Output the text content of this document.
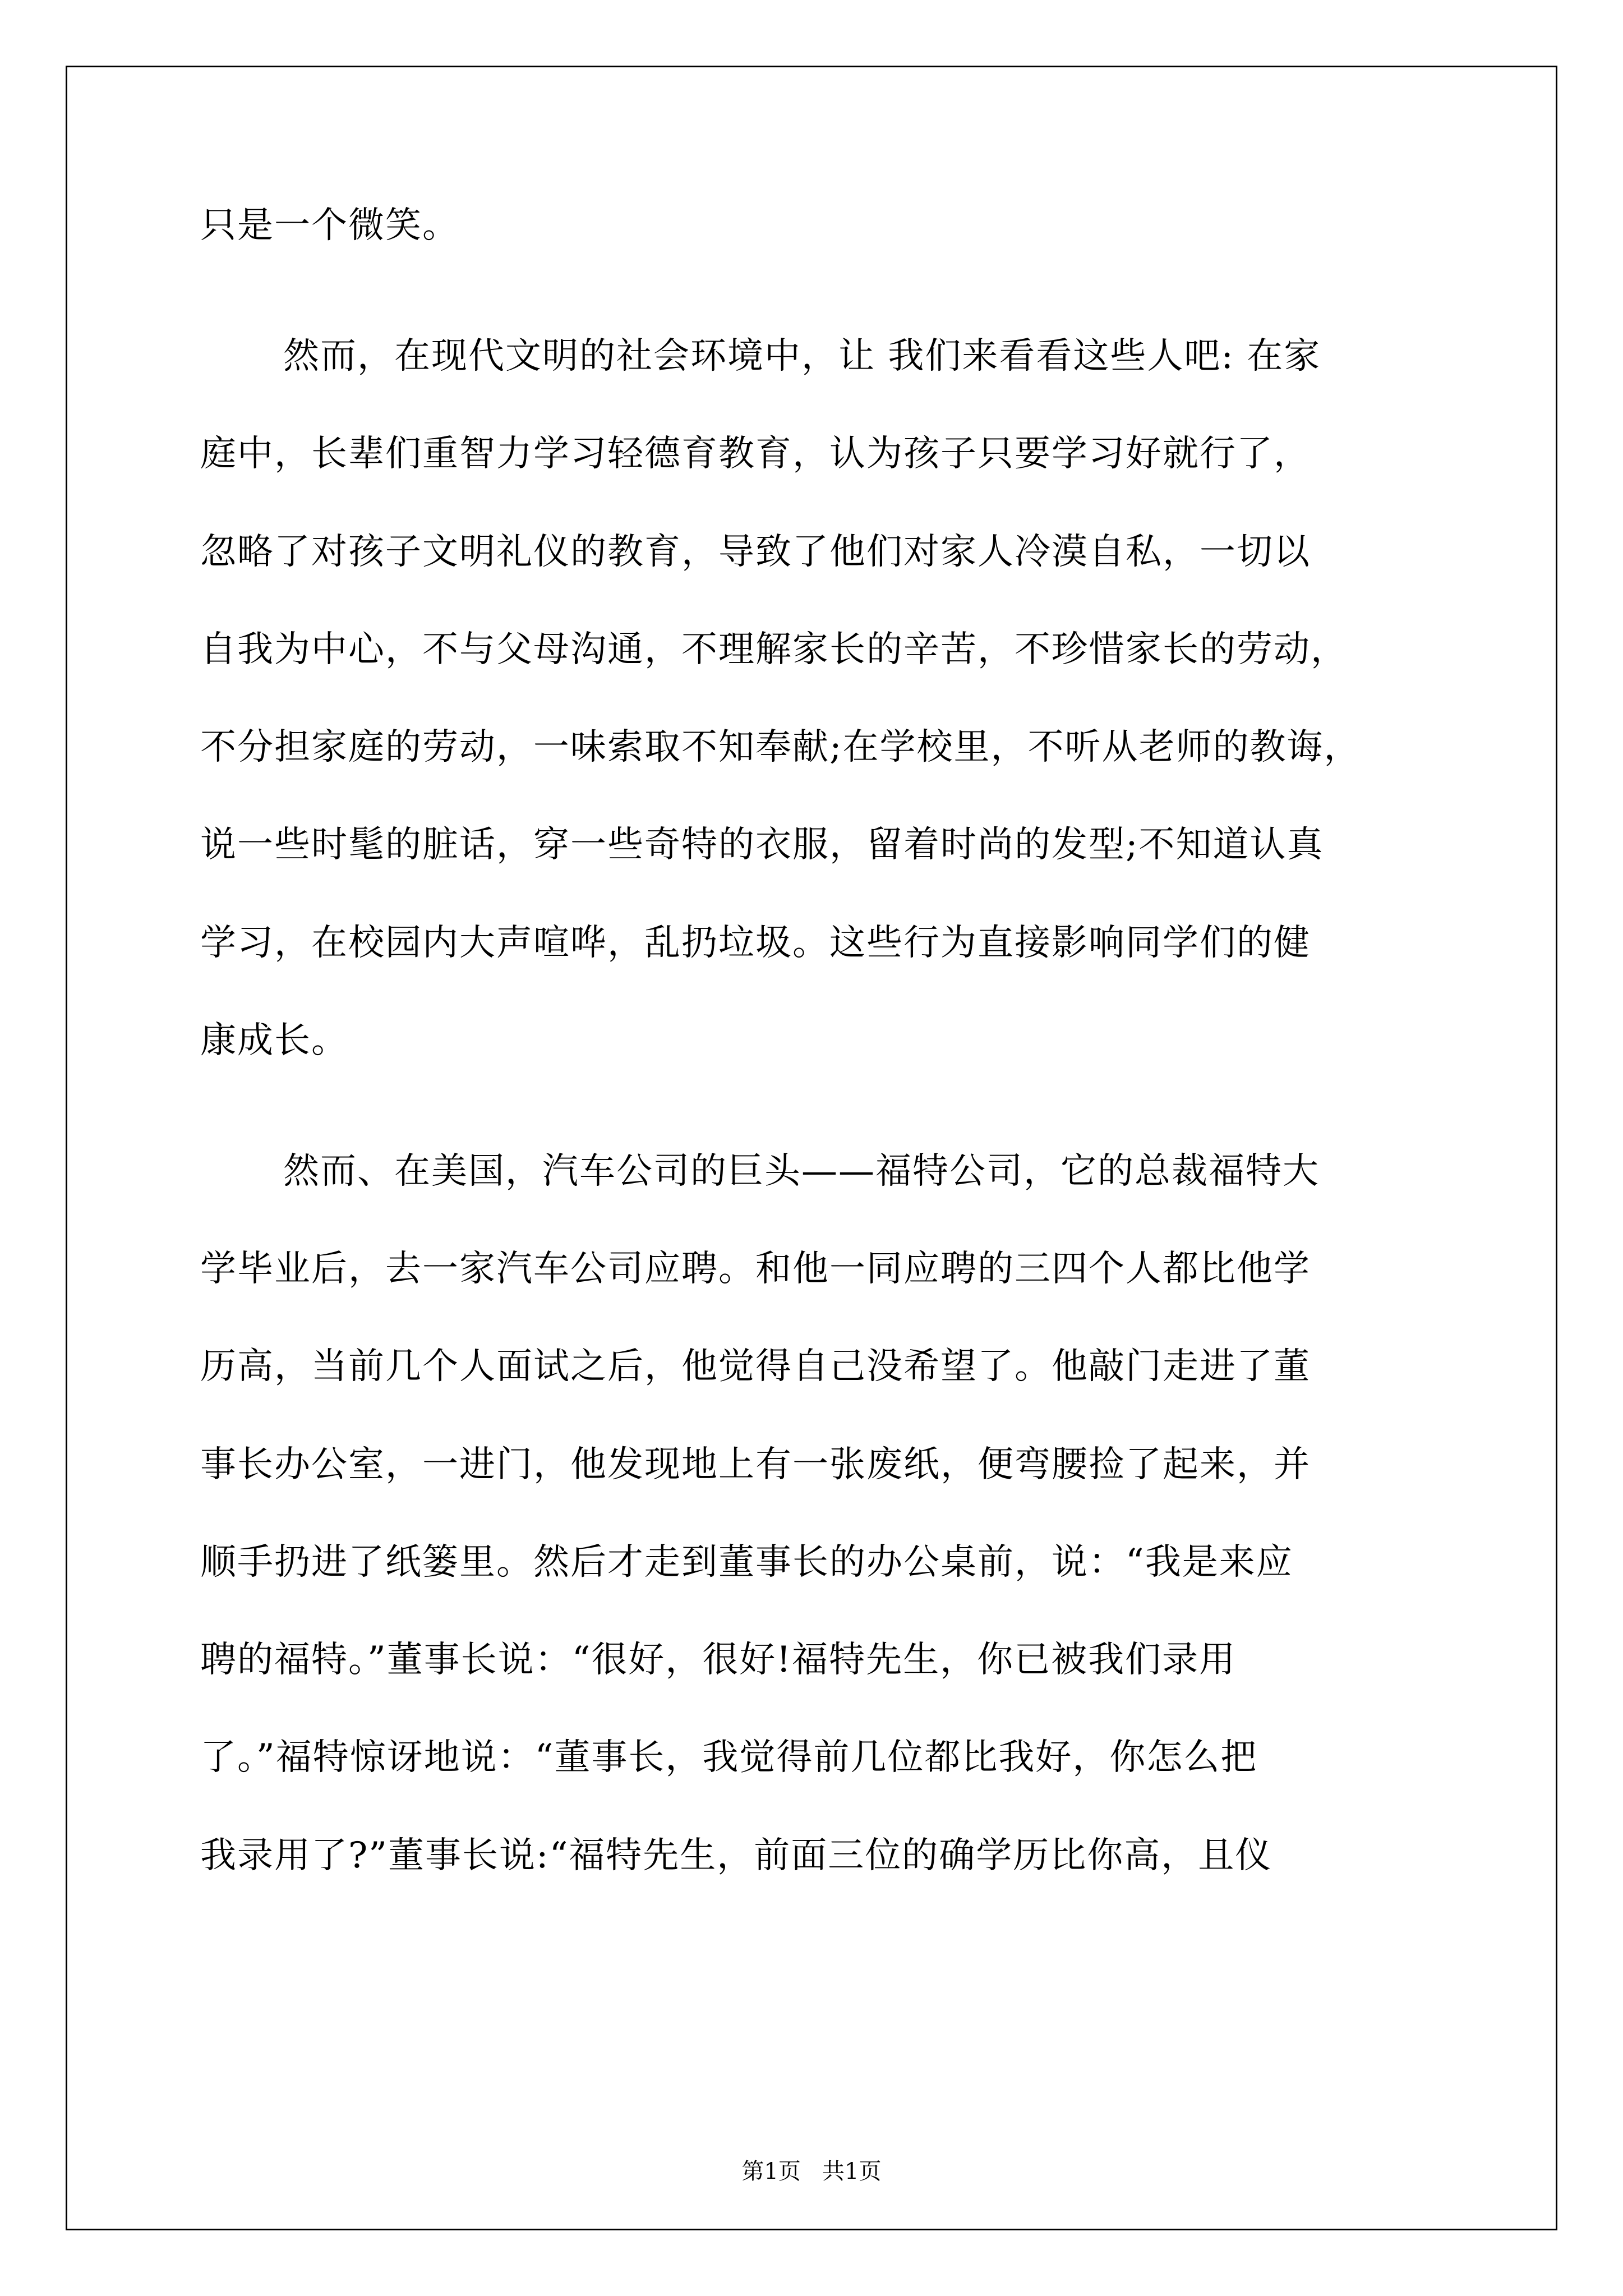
只是一个微笑。
然而，在现代文明的社会环境中，让 我们来看看这些人吧: 在家
庭中，长辈们重智力学习轻德育教育，认为孩子只要学习好就行了，
忽略了对孩子文明礼仪的教育，导致了他们对家人冷漠自私，一切以
自我为中心，不与父母沟通，不理解家长的辛苦，不珍惜家长的劳动，
不分担家庭的劳动，一味索取不知奉献;在学校里，不听从老师的教诲，
说一些时髦的脏话，穿一些奇特的衣服，留着时尚的发型;不知道认真
学习，在校园内大声喧哗，乱扔垃圾。这些行为直接影响同学们的健
康成长。
然而、在美国，汽车公司的巨头——福特公司，它的总裁福特大
学毕业后，去一家汽车公司应聘。和他一同应聘的三四个人都比他学
历高，当前几个人面试之后，他觉得自己没希望了。他敲门走进了董
事长办公室，一进门，他发现地上有一张废纸，便弯腰捡了起来，并
顺手扔进了纸篓里。然后才走到董事长的办公桌前，说：“我是来应
聘的福特。”董事长说：“很好，很好!福特先生，你已被我们录用
了。”福特惊讶地说：“董事长，我觉得前几位都比我好，你怎么把
我录用了?”董事长说:“福特先生，前面三位的确学历比你高，且仪
第1页   共1页
